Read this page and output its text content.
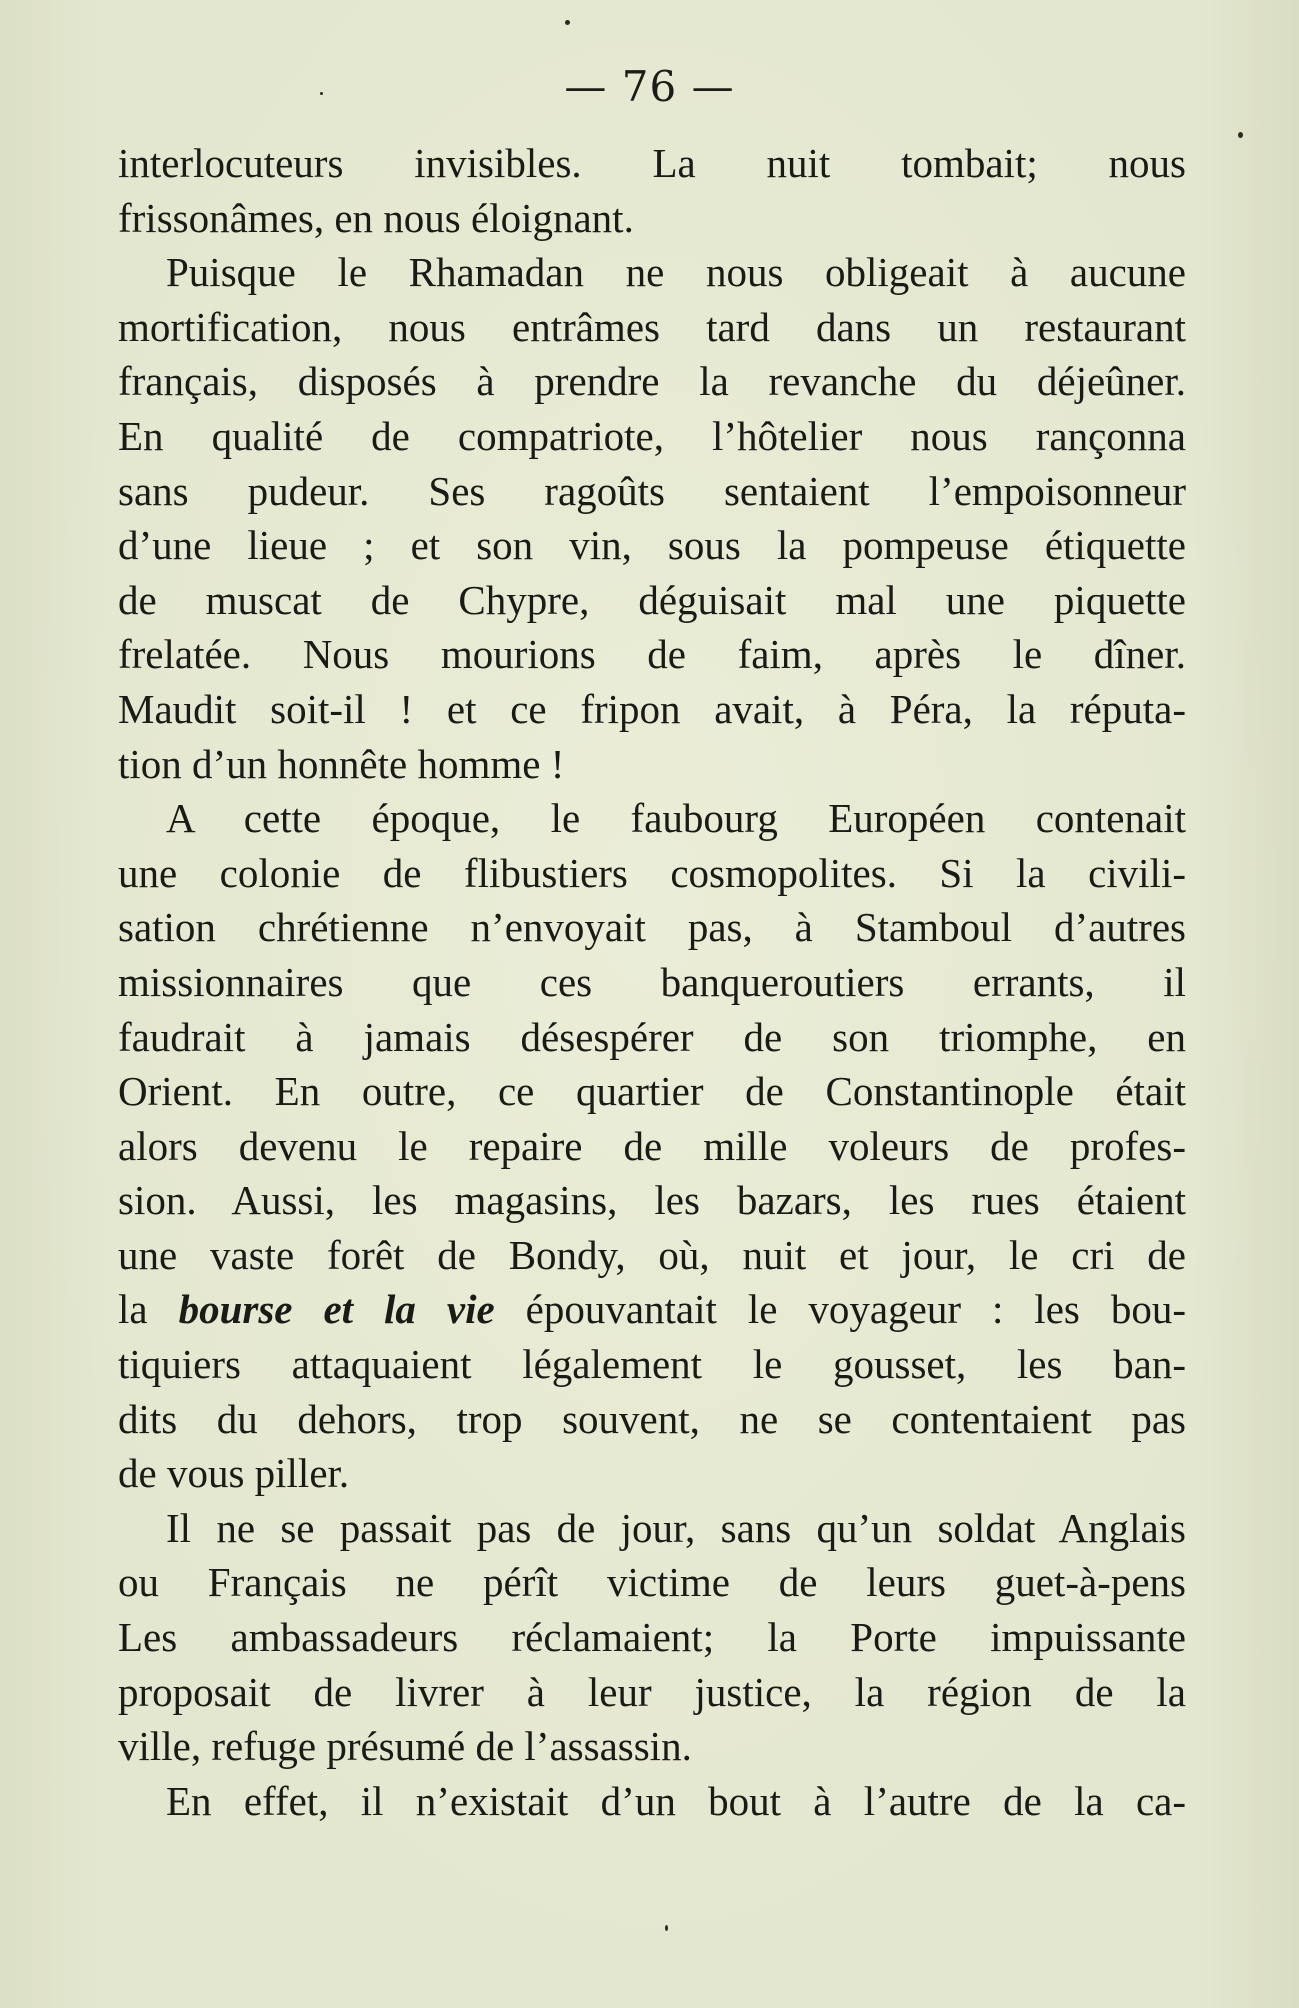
— 76 —
interlocuteurs invisibles. La nuit tombait; nous
frissonâmes, en nous éloignant.
Puisque le Rhamadan ne nous obligeait à aucune
mortification, nous entrâmes tard dans un restaurant
français, disposés à prendre la revanche du déjeûner.
En qualité de compatriote, l’hôtelier nous rançonna
sans pudeur. Ses ragoûts sentaient l’empoisonneur
d’une lieue ; et son vin, sous la pompeuse étiquette
de muscat de Chypre, déguisait mal une piquette
frelatée. Nous mourions de faim, après le dîner.
Maudit soit-il ! et ce fripon avait, à Péra, la réputa-
tion d’un honnête homme !
A cette époque, le faubourg Européen contenait
une colonie de flibustiers cosmopolites. Si la civili-
sation chrétienne n’envoyait pas, à Stamboul d’autres
missionnaires que ces banqueroutiers errants, il
faudrait à jamais désespérer de son triomphe, en
Orient. En outre, ce quartier de Constantinople était
alors devenu le repaire de mille voleurs de profes-
sion. Aussi, les magasins, les bazars, les rues étaient
une vaste forêt de Bondy, où, nuit et jour, le cri de
la bourse et la vie épouvantait le voyageur : les bou-
tiquiers attaquaient légalement le gousset, les ban-
dits du dehors, trop souvent, ne se contentaient pas
de vous piller.
Il ne se passait pas de jour, sans qu’un soldat Anglais
ou Français ne pérît victime de leurs guet-à-pens
Les ambassadeurs réclamaient; la Porte impuissante
proposait de livrer à leur justice, la région de la
ville, refuge présumé de l’assassin.
En effet, il n’existait d’un bout à l’autre de la ca-
